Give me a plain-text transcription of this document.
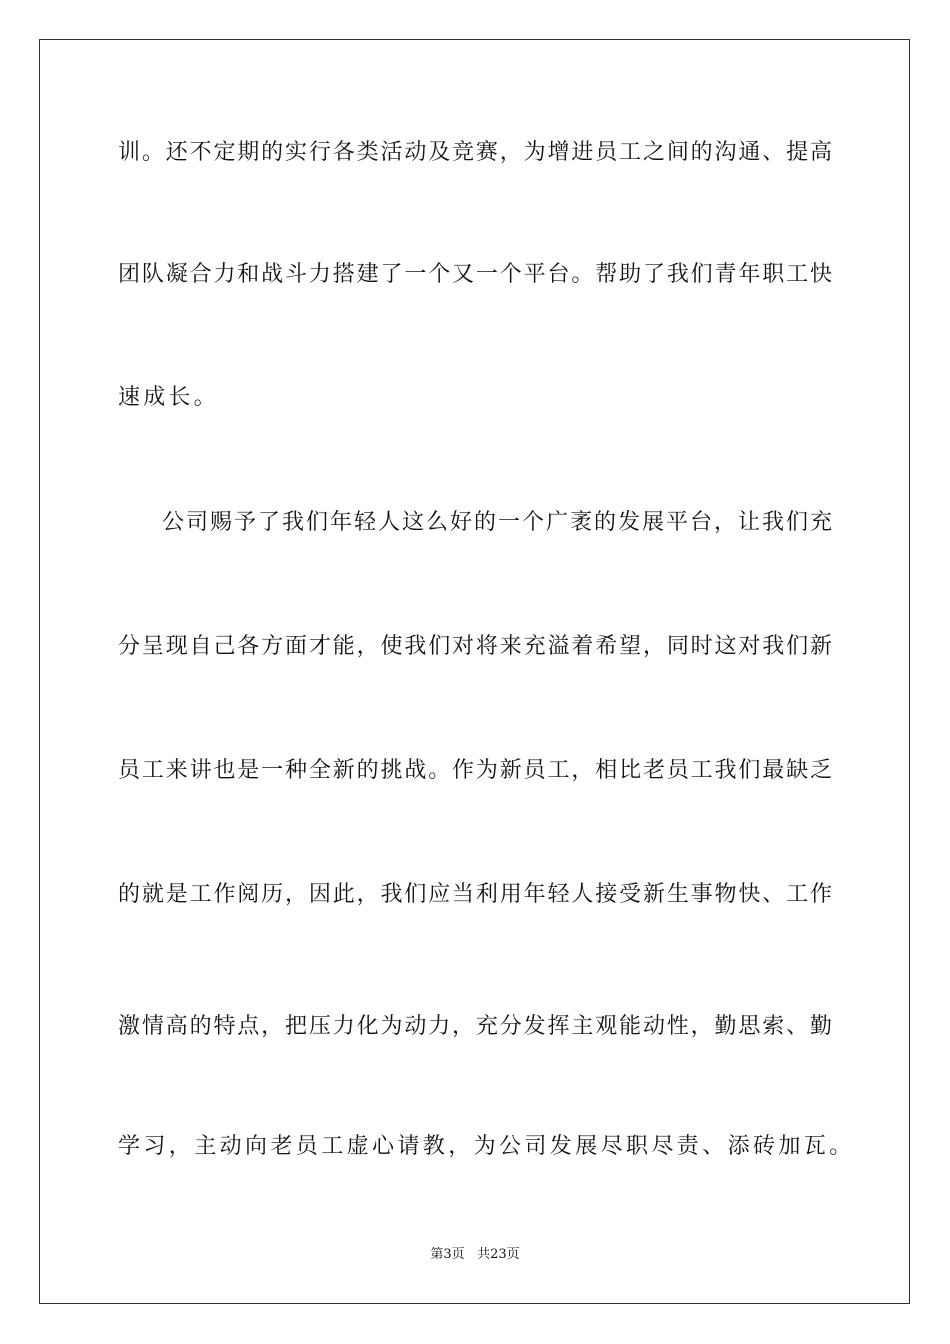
训。还不定期的实行各类活动及竞赛，为增进员工之间的沟通、提高
团队凝合力和战斗力搭建了一个又一个平台。帮助了我们青年职工快
速成长。
公司赐予了我们年轻人这么好的一个广袤的发展平台，让我们充
分呈现自己各方面才能，使我们对将来充溢着希望，同时这对我们新
员工来讲也是一种全新的挑战。作为新员工，相比老员工我们最缺乏
的就是工作阅历，因此，我们应当利用年轻人接受新生事物快、工作
激情高的特点，把压力化为动力，充分发挥主观能动性，勤思索、勤
学习，主动向老员工虚心请教，为公司发展尽职尽责、添砖加瓦。
第3页 共23页
